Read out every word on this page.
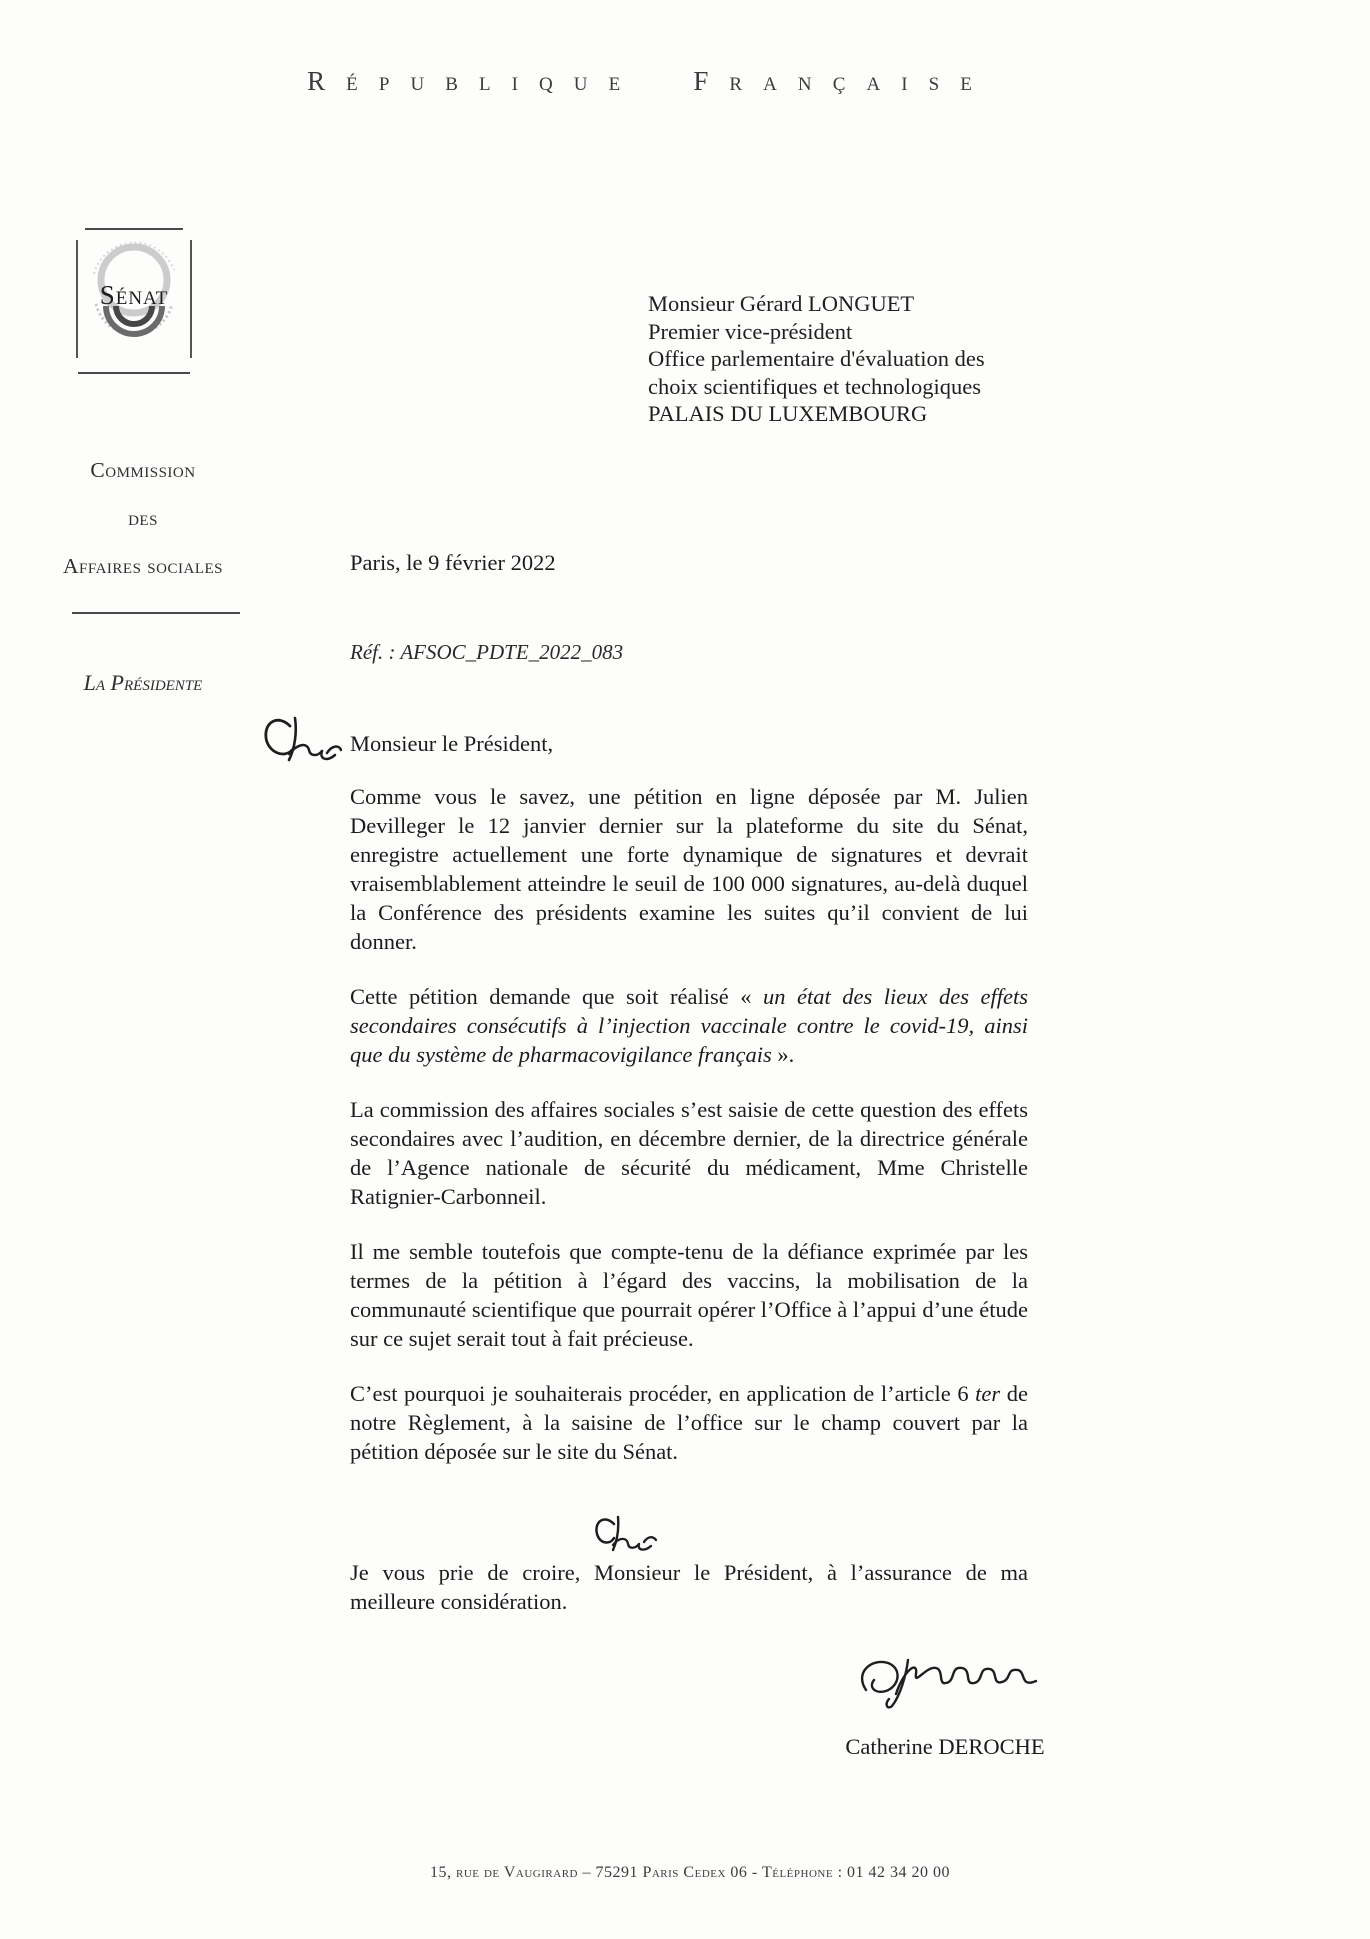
République Française
Sénat
Commission
des
Affaires sociales
La Présidente
Monsieur Gérard LONGUET
Premier vice-président
Office parlementaire d'évaluation des
choix scientifiques et technologiques
PALAIS DU LUXEMBOURG
Paris, le 9 février 2022
Réf. : AFSOC_PDTE_2022_083
Monsieur le Président,

Comme vous le savez, une pétition en ligne déposée par M. Julien Devilleger le 12 janvier dernier sur la plateforme du site du Sénat, enregistre actuellement une forte dynamique de signatures et devrait vraisemblablement atteindre le seuil de 100 000 signatures, au-delà duquel la Conférence des présidents examine les suites qu’il convient de lui donner.

Cette pétition demande que soit réalisé « un état des lieux des effets secondaires consécutifs à l’injection vaccinale contre le covid-19, ainsi que du système de pharmacovigilance français ».

La commission des affaires sociales s’est saisie de cette question des effets secondaires avec l’audition, en décembre dernier, de la directrice générale de l’Agence nationale de sécurité du médicament, Mme Christelle Ratignier-Carbonneil.

Il me semble toutefois que compte-tenu de la défiance exprimée par les termes de la pétition à l’égard des vaccins, la mobilisation de la communauté scientifique que pourrait opérer l’Office à l’appui d’une étude sur ce sujet serait tout à fait précieuse.

C’est pourquoi je souhaiterais procéder, en application de l’article 6 ter de notre Règlement, à la saisine de l’office sur le champ couvert par la pétition déposée sur le site du Sénat.

Je vous prie de croire, Monsieur le Président, à l’assurance de ma meilleure considération.

Catherine DEROCHE
15, rue de Vaugirard – 75291 Paris Cedex 06 - Téléphone : 01 42 34 20 00
